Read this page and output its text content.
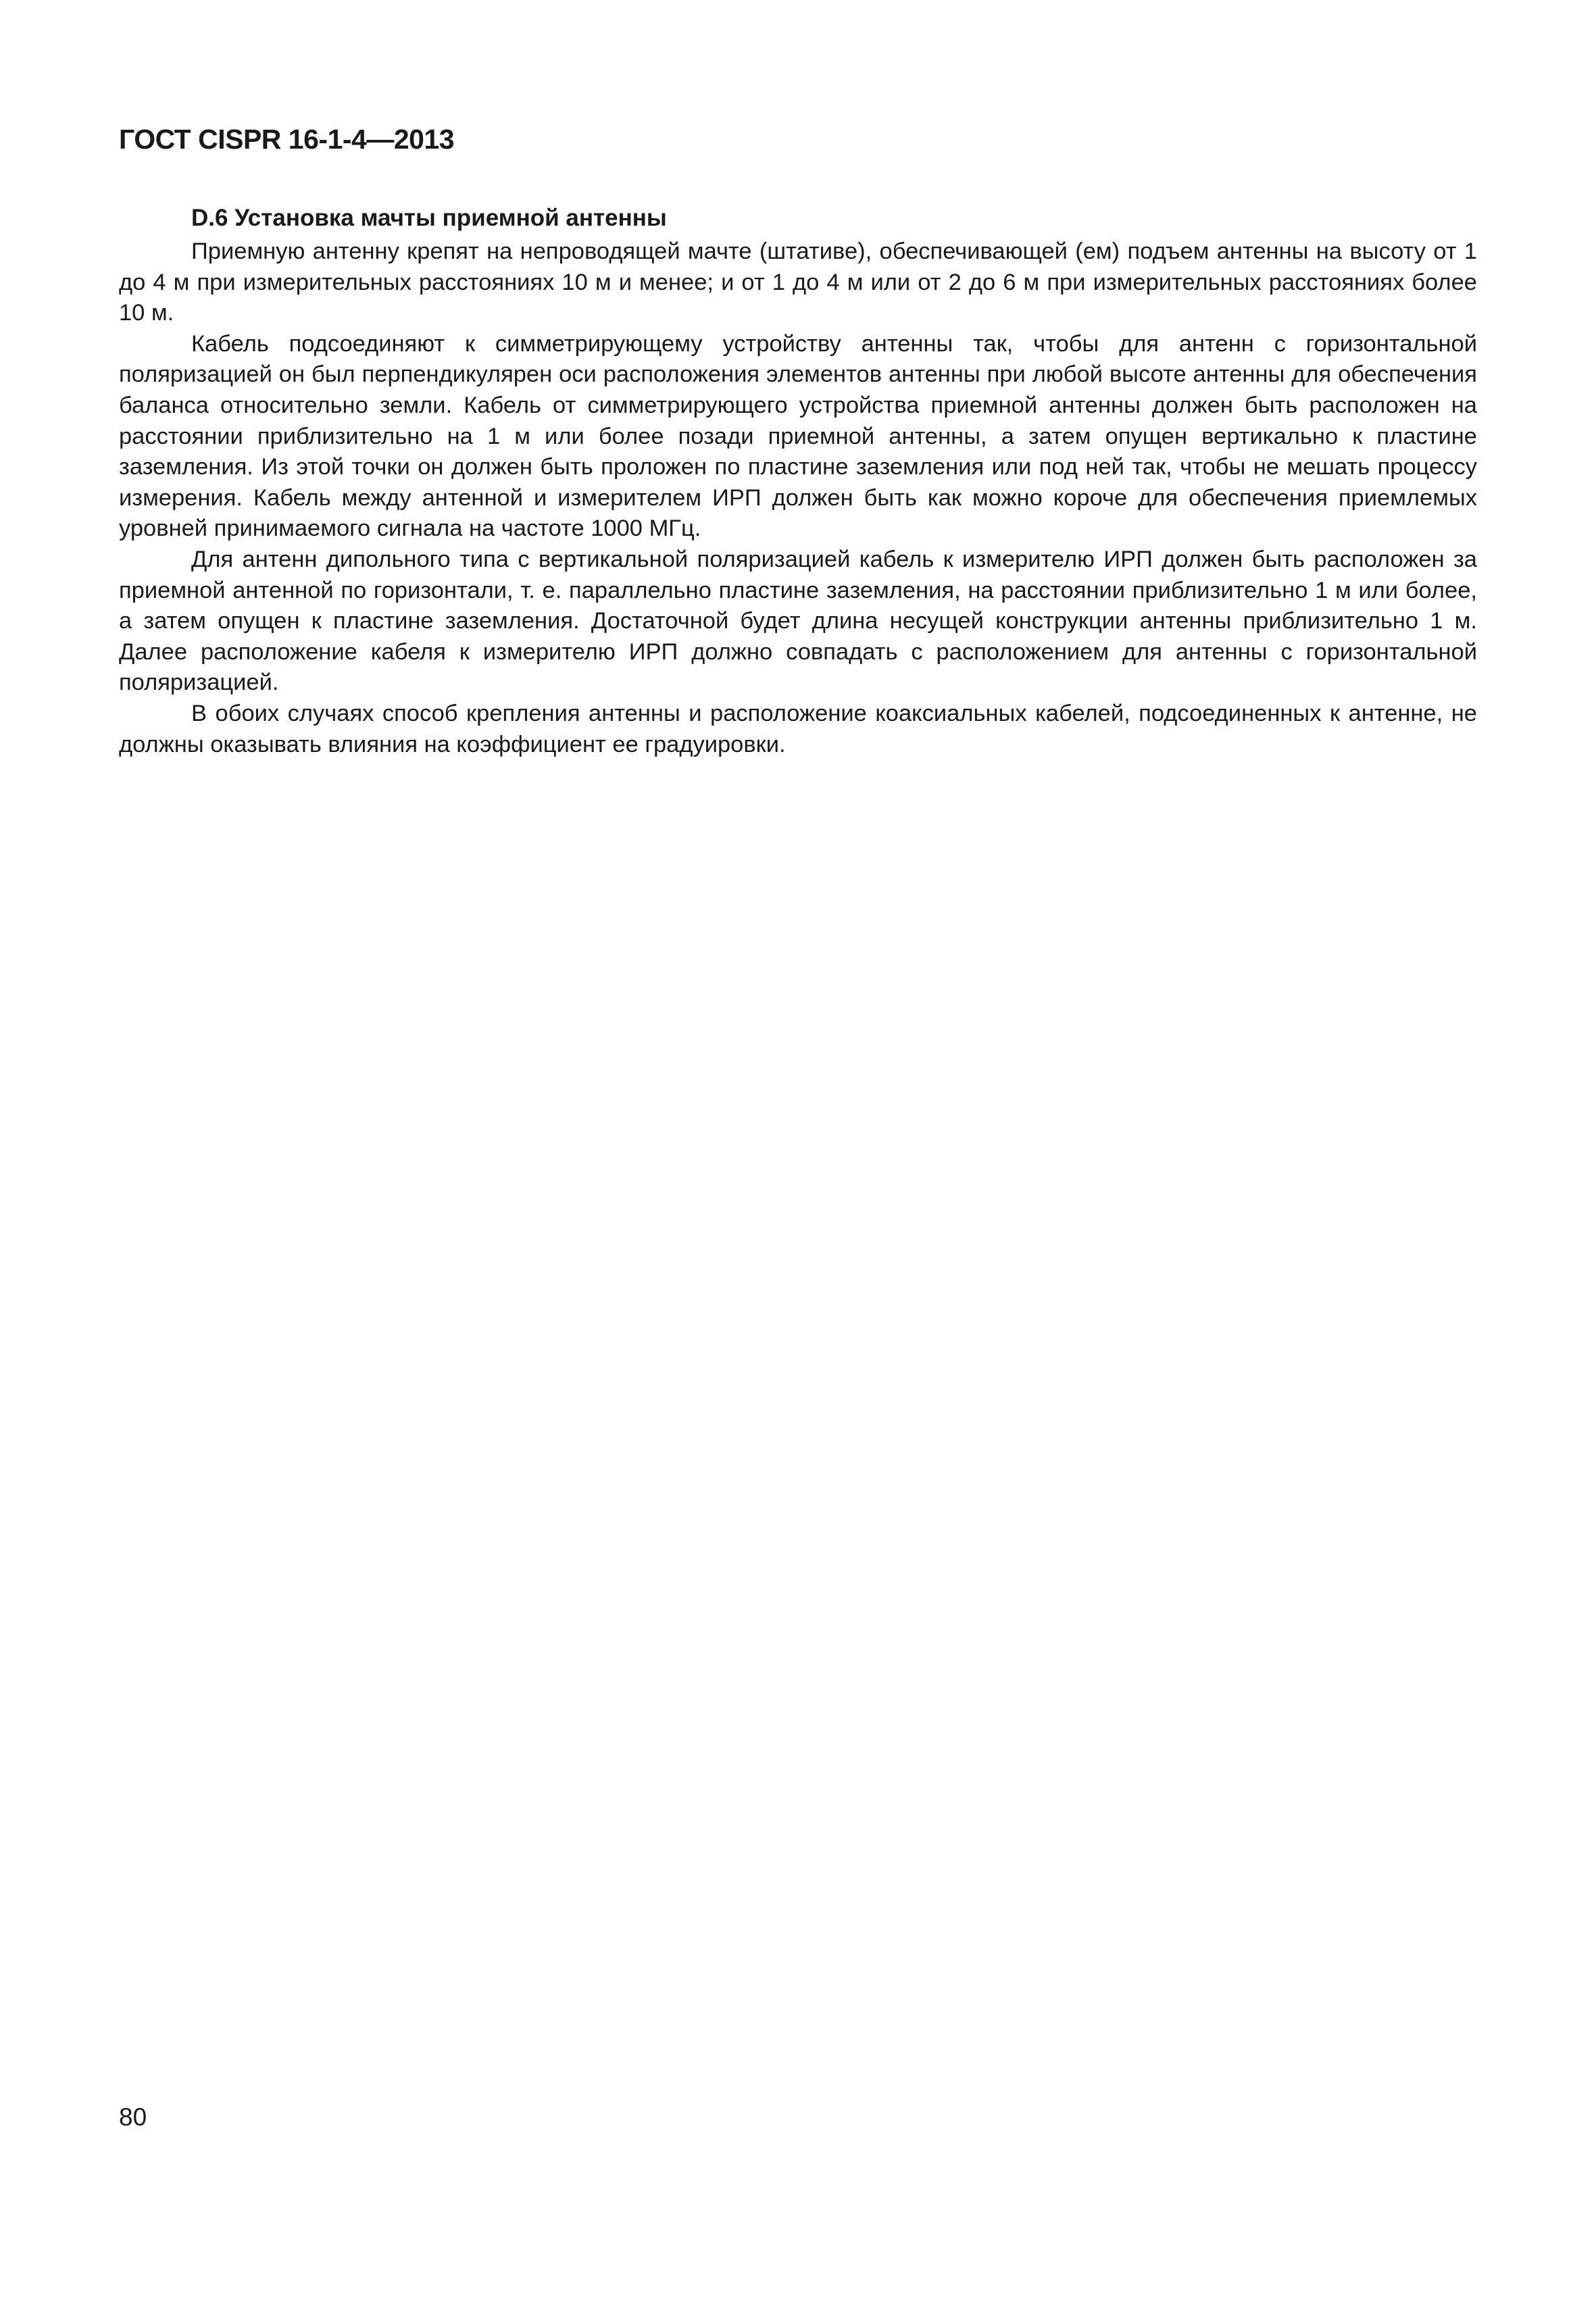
ГОСТ CISPR 16-1-4—2013
D.6 Установка мачты приемной антенны

Приемную антенну крепят на непроводящей мачте (штативе), обеспечивающей (ем) подъем антенны на высоту от 1 до 4 м при измерительных расстояниях 10 м и менее; и от 1 до 4 м или от 2 до 6 м при измерительных расстояниях более 10 м.

Кабель подсоединяют к симметрирующему устройству антенны так, чтобы для антенн с горизонтальной поляризацией он был перпендикулярен оси расположения элементов антенны при любой высоте антенны для обеспечения баланса относительно земли. Кабель от симметрирующего устройства приемной антенны должен быть расположен на расстоянии приблизительно на 1 м или более позади приемной антенны, а затем опущен вертикально к пластине заземления. Из этой точки он должен быть проложен по пластине заземления или под ней так, чтобы не мешать процессу измерения. Кабель между антенной и измерителем ИРП должен быть как можно короче для обеспечения приемлемых уровней принимаемого сигнала на частоте 1000 МГц.

Для антенн дипольного типа с вертикальной поляризацией кабель к измерителю ИРП должен быть расположен за приемной антенной по горизонтали, т. е. параллельно пластине заземления, на расстоянии приблизительно 1 м или более, а затем опущен к пластине заземления. Достаточной будет длина несущей конструкции антенны приблизительно 1 м. Далее расположение кабеля к измерителю ИРП должно совпадать с расположением для антенны с горизонтальной поляризацией.

В обоих случаях способ крепления антенны и расположение коаксиальных кабелей, подсоединенных к антенне, не должны оказывать влияния на коэффициент ее градуировки.

80
